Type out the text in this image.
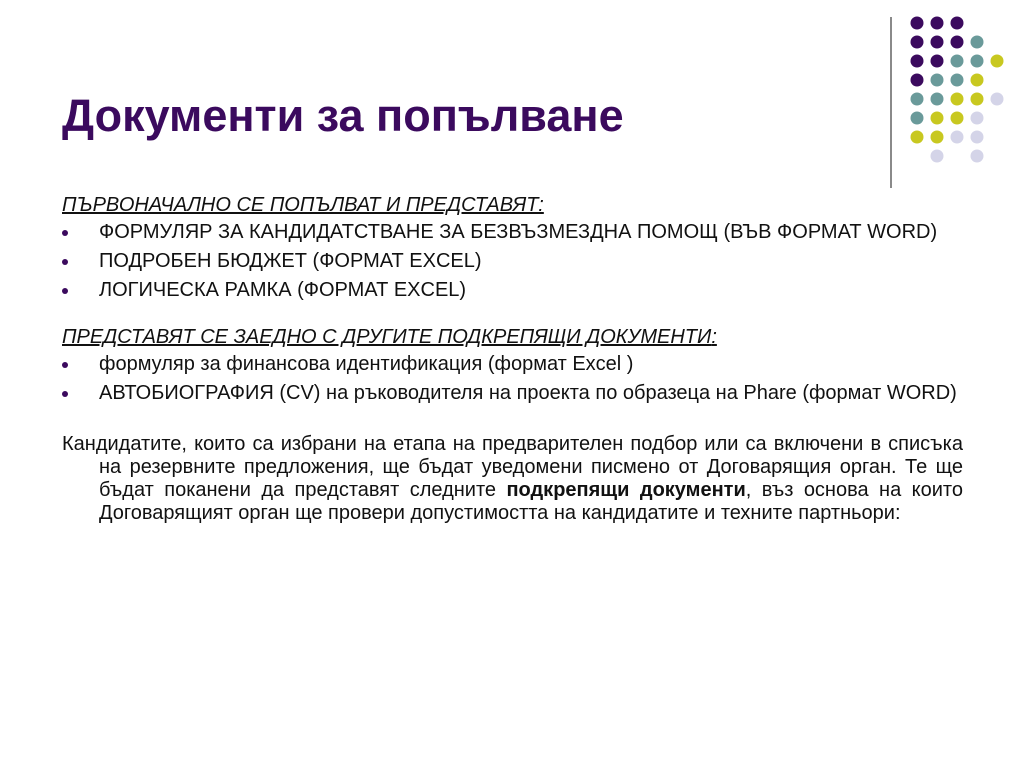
Документи за попълване
ПЪРВОНАЧАЛНО СЕ ПОПЪЛВАТ И ПРЕДСТАВЯТ:
ФОРМУЛЯР ЗА КАНДИДАТСТВАНЕ ЗА БЕЗВЪЗМЕЗДНА ПОМОЩ (ВЪВ ФОРМАТ WORD)
ПОДРОБЕН БЮДЖЕТ (ФОРМАТ EXCEL)
ЛОГИЧЕСКА РАМКА (ФОРМАТ EXCEL)
ПРЕДСТАВЯТ СЕ ЗАЕДНО С ДРУГИТЕ ПОДКРЕПЯЩИ ДОКУМЕНТИ:
формуляр за финансова идентификация (формат Excel )
АВТОБИОГРАФИЯ (CV) на ръководителя на проекта по образеца на Phare (формат WORD)
Кандидатите, които са избрани на етапа на предварителен подбор или са включени в списъка на резервните предложения, ще бъдат уведомени писмено от Договарящия орган. Те ще бъдат поканени да представят следните подкрепящи документи, въз основа на които Договарящият орган ще провери допустимостта на кандидатите и техните партньори:
